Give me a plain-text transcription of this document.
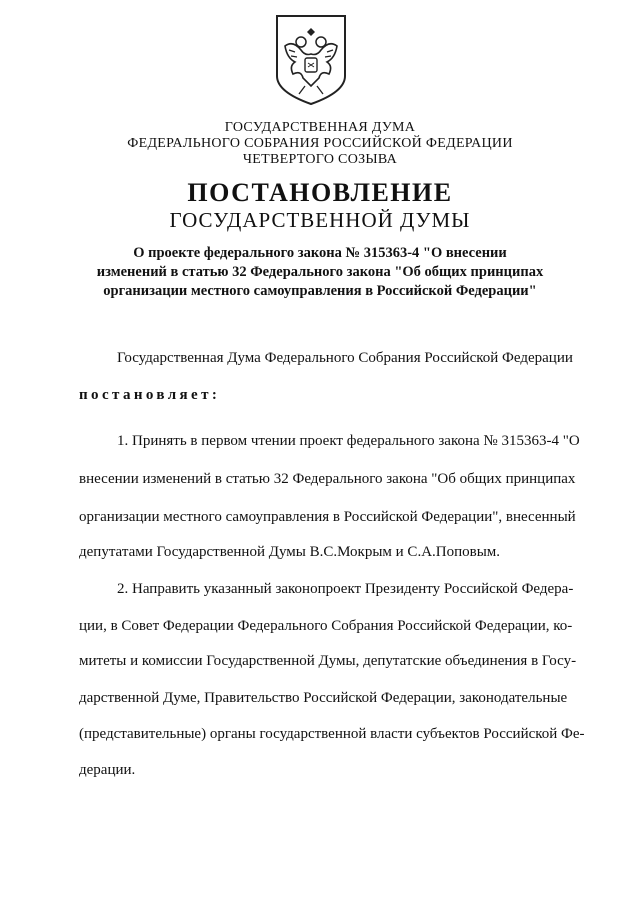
ГОСУДАРСТВЕННАЯ ДУМА
ФЕДЕРАЛЬНОГО СОБРАНИЯ РОССИЙСКОЙ ФЕДЕРАЦИИ
ЧЕТВЕРТОГО СОЗЫВА
ПОСТАНОВЛЕНИЕ
ГОСУДАРСТВЕННОЙ ДУМЫ
О проекте федерального закона № 315363-4 "О внесении
изменений в статью 32 Федерального закона "Об общих принципах
организации местного самоуправления в Российской Федерации"
Государственная Дума Федерального Собрания Российской Федерации
постановляет:
1. Принять в первом чтении проект федерального закона № 315363-4 "О
внесении изменений в статью 32 Федерального закона "Об общих принципах
организации местного самоуправления в Российской Федерации", внесенный
депутатами Государственной Думы В.С.Мокрым и С.А.Поповым.
2. Направить указанный законопроект Президенту Российской Федера-
ции, в Совет Федерации Федерального Собрания Российской Федерации, ко-
митеты и комиссии Государственной Думы, депутатские объединения в Госу-
дарственной Думе, Правительство Российской Федерации, законодательные
(представительные) органы государственной власти субъектов Российской Фе-
дерации.
